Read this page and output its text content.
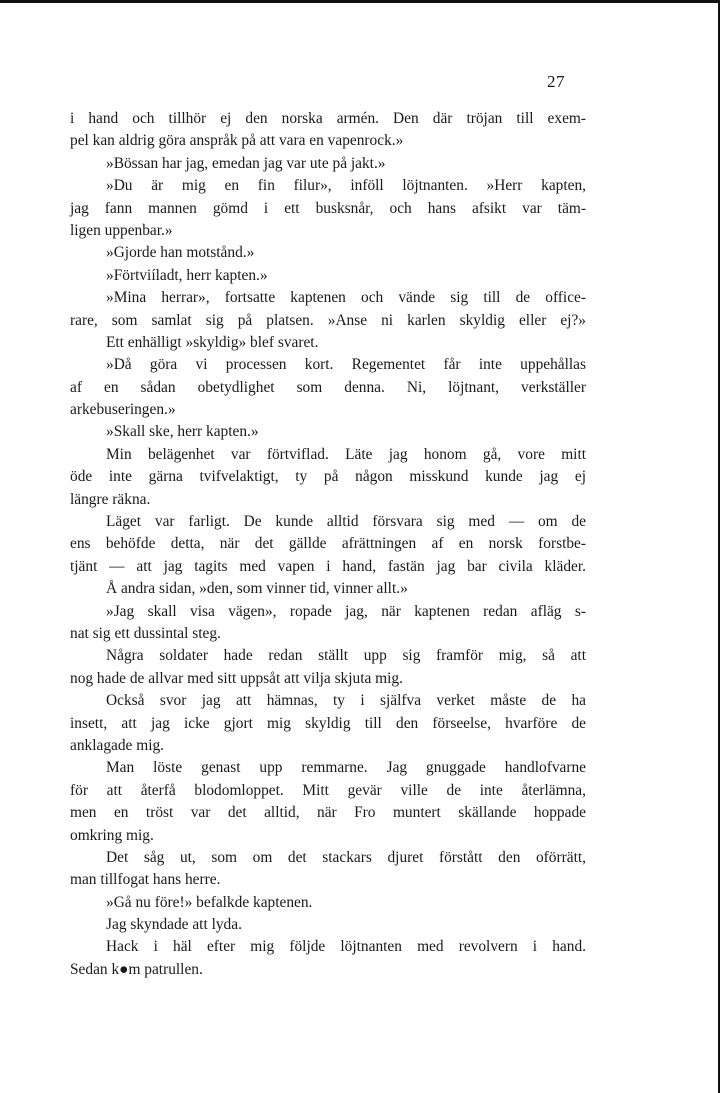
27
i hand och tillhör ej den norska armén. Den där tröjan till exem-
pel kan aldrig göra anspråk på att vara en vapenrock.»
»Bössan har jag, emedan jag var ute på jakt.»
»Du är mig en fin filur», inföll löjtnanten. »Herr kapten,
jag fann mannen gömd i ett busksnår, och hans afsikt var täm-
ligen uppenbar.»
»Gjorde han motstånd.»
»Förtviíladt, herr kapten.»
»Mina herrar», fortsatte kaptenen och vände sig till de office-
rare, som samlat sig på platsen. »Anse ni karlen skyldig eller ej?»
Ett enhälligt »skyldig» blef svaret.
»Då göra vi processen kort. Regementet får inte uppehållas
af en sådan obetydlighet som denna. Ni, löjtnant, verkställer
arkebuseringen.»
»Skall ske, herr kapten.»
Min belägenhet var förtviflad. Läte jag honom gå, vore mitt
öde inte gärna tvifvelaktigt, ty på någon misskund kunde jag ej
längre räkna.
Läget var farligt. De kunde alltid försvara sig med — om de
ens behöfde detta, när det gällde afrättningen af en norsk forstbe-
tjänt — att jag tagits med vapen i hand, fastän jag bar civila kläder.
Å andra sidan, »den, som vinner tid, vinner allt.»
»Jag skall visa vägen», ropade jag, när kaptenen redan afläg s-
nat sig ett dussintal steg.
Några soldater hade redan ställt upp sig framför mig, så att
nog hade de allvar med sitt uppsåt att vilja skjuta mig.
Också svor jag att hämnas, ty i själfva verket måste de ha
insett, att jag icke gjort mig skyldig till den förseelse, hvarföre de
anklagade mig.
Man löste genast upp remmarne. Jag gnuggade handlofvarne
för att återfå blodomloppet. Mitt gevär ville de inte återlämna,
men en tröst var det alltid, när Fro muntert skällande hoppade
omkring mig.
Det såg ut, som om det stackars djuret förstått den oförrätt,
man tillfogat hans herre.
»Gå nu före!» befalkde kaptenen.
Jag skyndade att lyda.
Hack i häl efter mig följde löjtnanten med revolvern i hand.
Sedan k●m patrullen.
